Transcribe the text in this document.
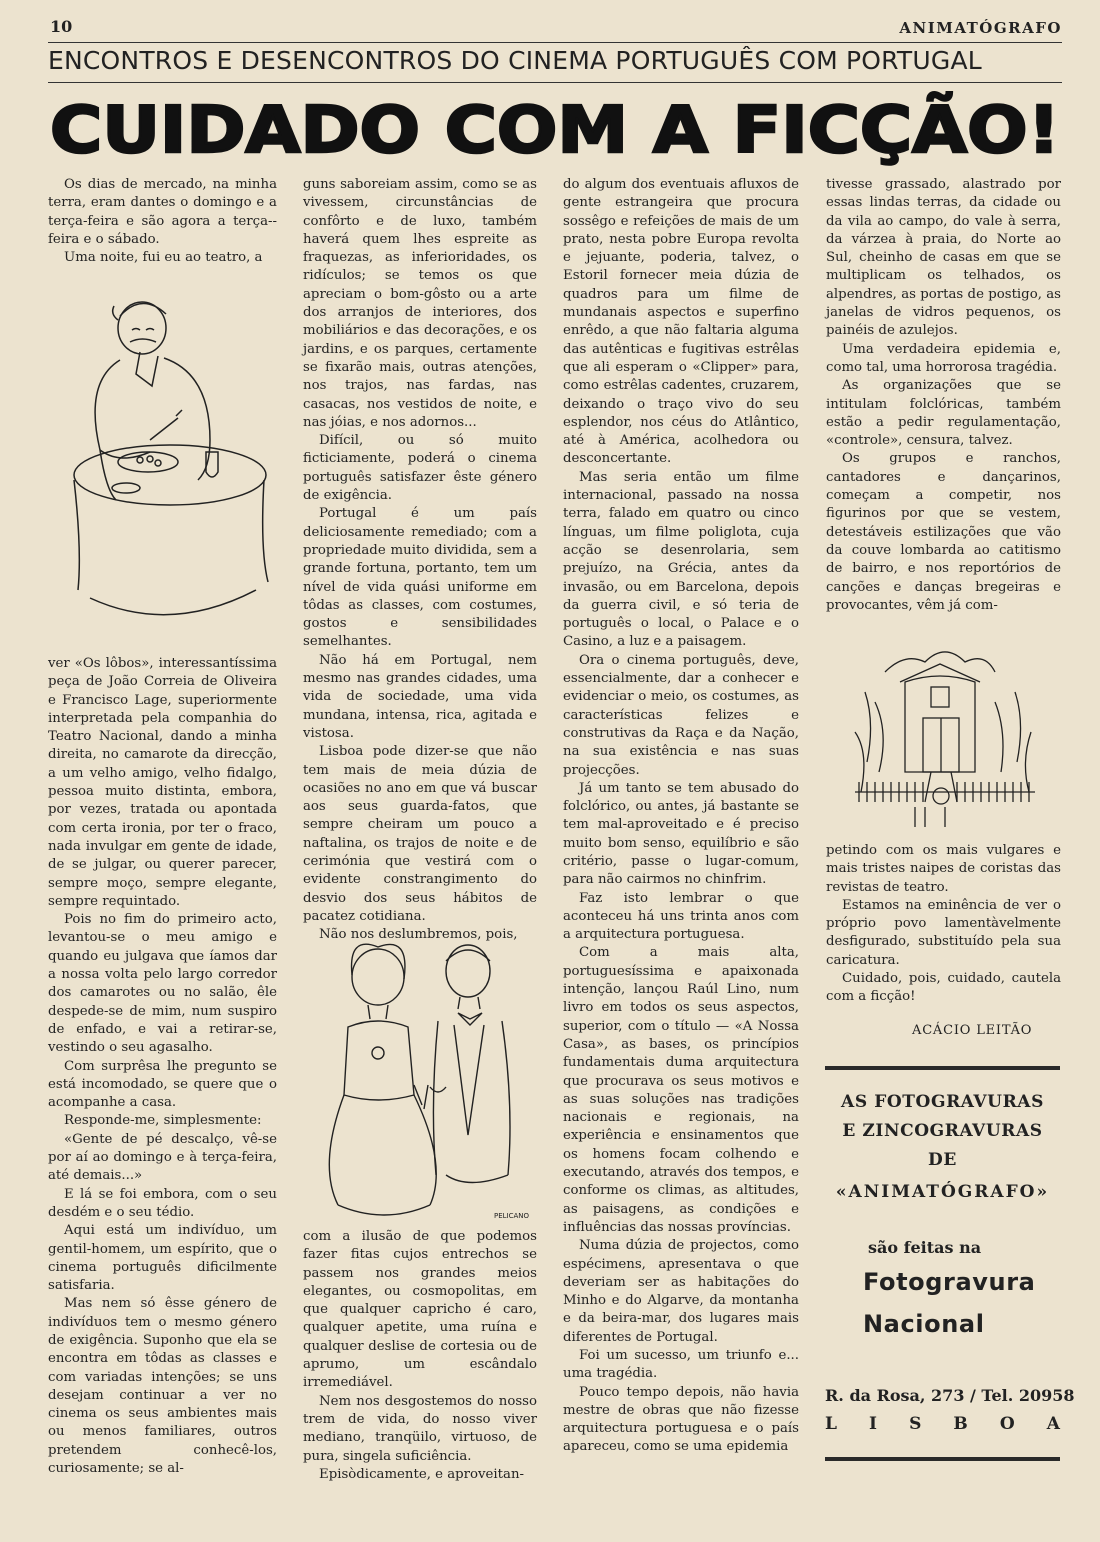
10	ANIMATÓGRAFO
ENCONTROS E DESENCONTROS DO CINEMA PORTUGUÊS COM PORTUGAL
CUIDADO COM A FICÇÃO!

Os dias de mercado, na minha terra, eram dantes o domingo e a terça-feira e são agora a terça--feira e o sábado.

Uma noite, fui eu ao teatro, a

ver «Os lôbos», interessantíssima peça de João Correia de Oliveira e Francisco Lage, superiormente interpretada pela companhia do Teatro Nacional, dando a minha direita, no camarote da direcção, a um velho amigo, velho fidalgo, pessoa muito distinta, embora, por vezes, tratada ou apontada com certa ironia, por ter o fraco, nada invulgar em gente de idade, de se julgar, ou querer parecer, sempre moço, sempre elegante, sempre requintado.

Pois no fim do primeiro acto, levantou-se o meu amigo e quando eu julgava que íamos dar a nossa volta pelo largo corredor dos camarotes ou no salão, êle despede-se de mim, num suspiro de enfado, e vai a retirar-se, vestindo o seu agasalho.

Com surprêsa lhe pregunto se está incomodado, se quere que o acompanhe a casa.

Responde-me, simplesmente:

«Gente de pé descalço, vê-se por aí ao domingo e à terça-feira, até demais...»

E lá se foi embora, com o seu desdém e o seu tédio.

Aqui está um indivíduo, um gentil-homem, um espírito, que o cinema português dificilmente satisfaria.

Mas nem só êsse género de indivíduos tem o mesmo género de exigência. Suponho que ela se encontra em tôdas as classes e com variadas intenções; se uns desejam continuar a ver no cinema os seus ambientes mais ou menos familiares, outros pretendem conhecê-los, curiosamente; se al-

guns saboreiam assim, como se as vivessem, circunstâncias de confôrto e de luxo, também haverá quem lhes espreite as fraquezas, as inferioridades, os ridículos; se temos os que apreciam o bom-gôsto ou a arte dos arranjos de interiores, dos mobiliários e das decorações, e os jardins, e os parques, certamente se fixarão mais, outras atenções, nos trajos, nas fardas, nas casacas, nos vestidos de noite, e nas jóias, e nos adornos...

Difícil, ou só muito ficticiamente, poderá o cinema português satisfazer êste género de exigência.

Portugal é um país deliciosamente remediado; com a propriedade muito dividida, sem a grande fortuna, portanto, tem um nível de vida quási uniforme em tôdas as classes, com costumes, gostos e sensibilidades semelhantes.

Não há em Portugal, nem mesmo nas grandes cidades, uma vida de sociedade, uma vida mundana, intensa, rica, agitada e vistosa.

Lisboa pode dizer-se que não tem mais de meia dúzia de ocasiões no ano em que vá buscar aos seus guarda-fatos, que sempre cheiram um pouco a naftalina, os trajos de noite e de cerimónia que vestirá com o evidente constrangimento do desvio dos seus hábitos de pacatez cotidiana.

Não nos deslumbremos, pois,

PELICANO

com a ilusão de que podemos fazer fitas cujos entrechos se passem nos grandes meios elegantes, ou cosmopolitas, em que qualquer capricho é caro, qualquer apetite, uma ruína e qualquer deslise de cortesia ou de aprumo, um escândalo irremediável.

Nem nos desgostemos do nosso trem de vida, do nosso viver mediano, tranqüilo, virtuoso, de pura, singela suficiência.

Episòdicamente, e aproveitan-

do algum dos eventuais afluxos de gente estrangeira que procura sossêgo e refeições de mais de um prato, nesta pobre Europa revolta e jejuante, poderia, talvez, o Estoril fornecer meia dúzia de quadros para um filme de mundanais aspectos e superfino enrêdo, a que não faltaria alguma das autênticas e fugitivas estrêlas que ali esperam o «Clipper» para, como estrêlas cadentes, cruzarem, deixando o traço vivo do seu esplendor, nos céus do Atlântico, até à América, acolhedora ou desconcertante.

Mas seria então um filme internacional, passado na nossa terra, falado em quatro ou cinco línguas, um filme poliglota, cuja acção se desenrolaria, sem prejuízo, na Grécia, antes da invasão, ou em Barcelona, depois da guerra civil, e só teria de português o local, o Palace e o Casino, a luz e a paisagem.

Ora o cinema português, deve, essencialmente, dar a conhecer e evidenciar o meio, os costumes, as características felizes e construtivas da Raça e da Nação, na sua existência e nas suas projecções.

Já um tanto se tem abusado do folclórico, ou antes, já bastante se tem mal-aproveitado e é preciso muito bom senso, equilíbrio e são critério, passe o lugar-comum, para não cairmos no chinfrim.

Faz isto lembrar o que aconteceu há uns trinta anos com a arquitectura portuguesa.

Com a mais alta, portuguesíssima e apaixonada intenção, lançou Raúl Lino, num livro em todos os seus aspectos, superior, com o título — «A Nossa Casa», as bases, os princípios fundamentais duma arquitectura que procurava os seus motivos e as suas soluções nas tradições nacionais e regionais, na experiência e ensinamentos que os homens focam colhendo e executando, através dos tempos, e conforme os climas, as altitudes, as paisagens, as condições e influências das nossas províncias.

Numa dúzia de projectos, como espécimens, apresentava o que deveriam ser as habitações do Minho e do Algarve, da montanha e da beira-mar, dos lugares mais diferentes de Portugal.

Foi um sucesso, um triunfo e... uma tragédia.

Pouco tempo depois, não havia mestre de obras que não fizesse arquitectura portuguesa e o país apareceu, como se uma epidemia

tivesse grassado, alastrado por essas lindas terras, da cidade ou da vila ao campo, do vale à serra, da várzea à praia, do Norte ao Sul, cheinho de casas em que se multiplicam os telhados, os alpendres, as portas de postigo, as janelas de vidros pequenos, os painéis de azulejos.

Uma verdadeira epidemia e, como tal, uma horrorosa tragédia.

As organizações que se intitulam folclóricas, também estão a pedir regulamentação, «controle», censura, talvez.

Os grupos e ranchos, cantadores e dançarinos, começam a competir, nos figurinos por que se vestem, detestáveis estilizações que vão da couve lombarda ao catitismo de bairro, e nos reportórios de canções e danças bregeiras e provocantes, vêm já com-

petindo com os mais vulgares e mais tristes naipes de coristas das revistas de teatro.

Estamos na eminência de ver o próprio povo lamentàvelmente desfigurado, substituído pela sua caricatura.

Cuidado, pois, cuidado, cautela com a ficção!

ACÁCIO LEITÃO
AS FOTOGRAVURAS
E ZINCOGRAVURAS
DE
«ANIMATÓGRAFO»
são feitas na
Fotogravura
Nacional
R. da Rosa, 273 / Tel. 20958
L I S B O A
